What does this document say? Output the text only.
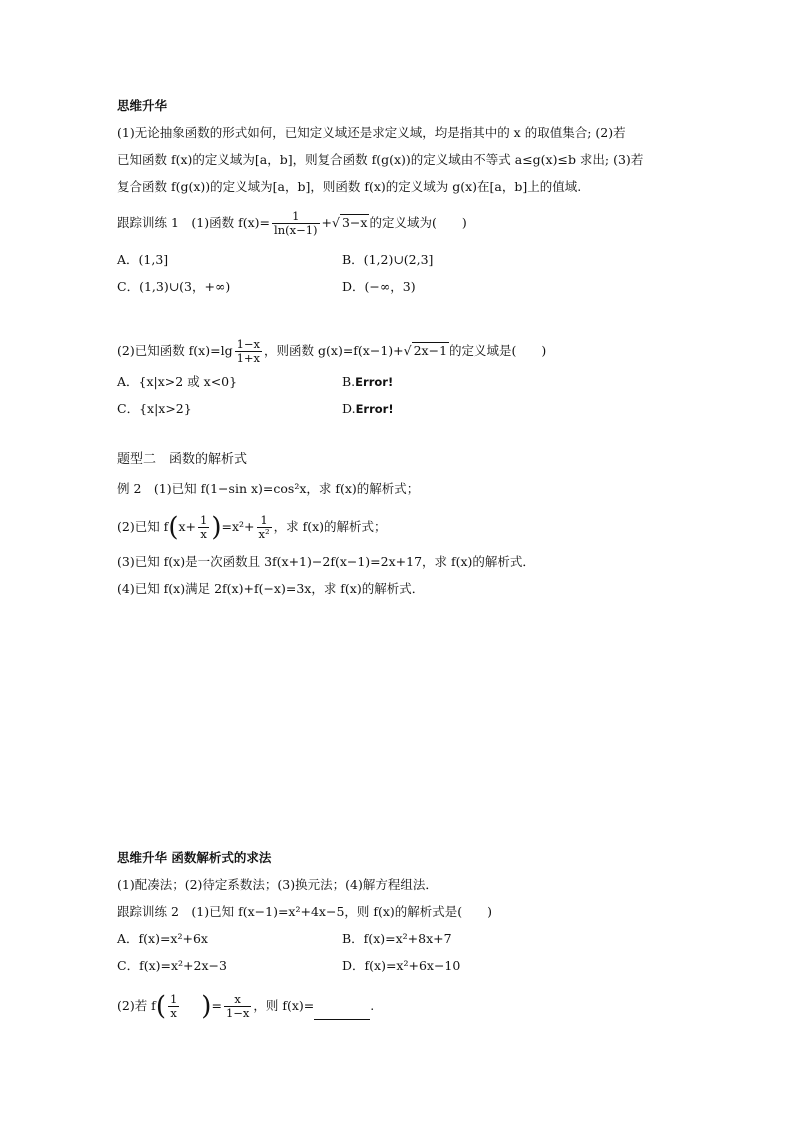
思维升华
(1)无论抽象函数的形式如何，已知定义域还是求定义域，均是指其中的 x 的取值集合; (2)若
已知函数 f(x)的定义域为[a，b]，则复合函数 f(g(x))的定义域由不等式 a≤g(x)≤b 求出; (3)若
复合函数 f(g(x))的定义域为[a，b]，则函数 f(x)的定义域为 g(x)在[a，b]上的值域.
跟踪训练 1　(1)函数 $f(x)= \frac{1}{\ln(x-1)}$ +√ 3−x 的定义域为(　　)
A．(1,3]	B．(1,2)∪(2,3]
C．(1,3)∪(3，+∞)	D．(−∞，3)
(2)已知函数 $f(x)=\lg \frac{1-x}{1+x}$ ，则函数 g(x)=f(x−1)+√ 2x−1 的定义域是(　　)
A．{x|x>2 或 x<0}	B.Error!
C．{x|x>2}	D.Error!
题型二　函数的解析式
例 2　(1)已知 f(1−sin x)=cos²x，求 f(x)的解析式；
(2)已知 $f(x+ \frac{1}{x} )=x^2+ \frac{1}{\text{x²}}$ ，求 f(x)的解析式；
(3)已知 f(x)是一次函数且 3f(x+1)−2f(x−1)=2x+17，求 f(x)的解析式．
(4)已知 f(x)满足 2f(x)+f(−x)=3x，求 f(x)的解析式．
思维升华 函数解析式的求法
(1)配凑法；(2)待定系数法；(3)换元法；(4)解方程组法．
跟踪训练 2　(1)已知 f(x−1)=x²+4x−5，则 f(x)的解析式是(　　)
A．f(x)=x²+6x	B．f(x)=x²+8x+7
C．f(x)=x²+2x−3	D．f(x)=x²+6x−10
(2)若 $f( \frac{1}{x}$ )= $\frac{x}{1-x}$ ，则 f(x)=	.
